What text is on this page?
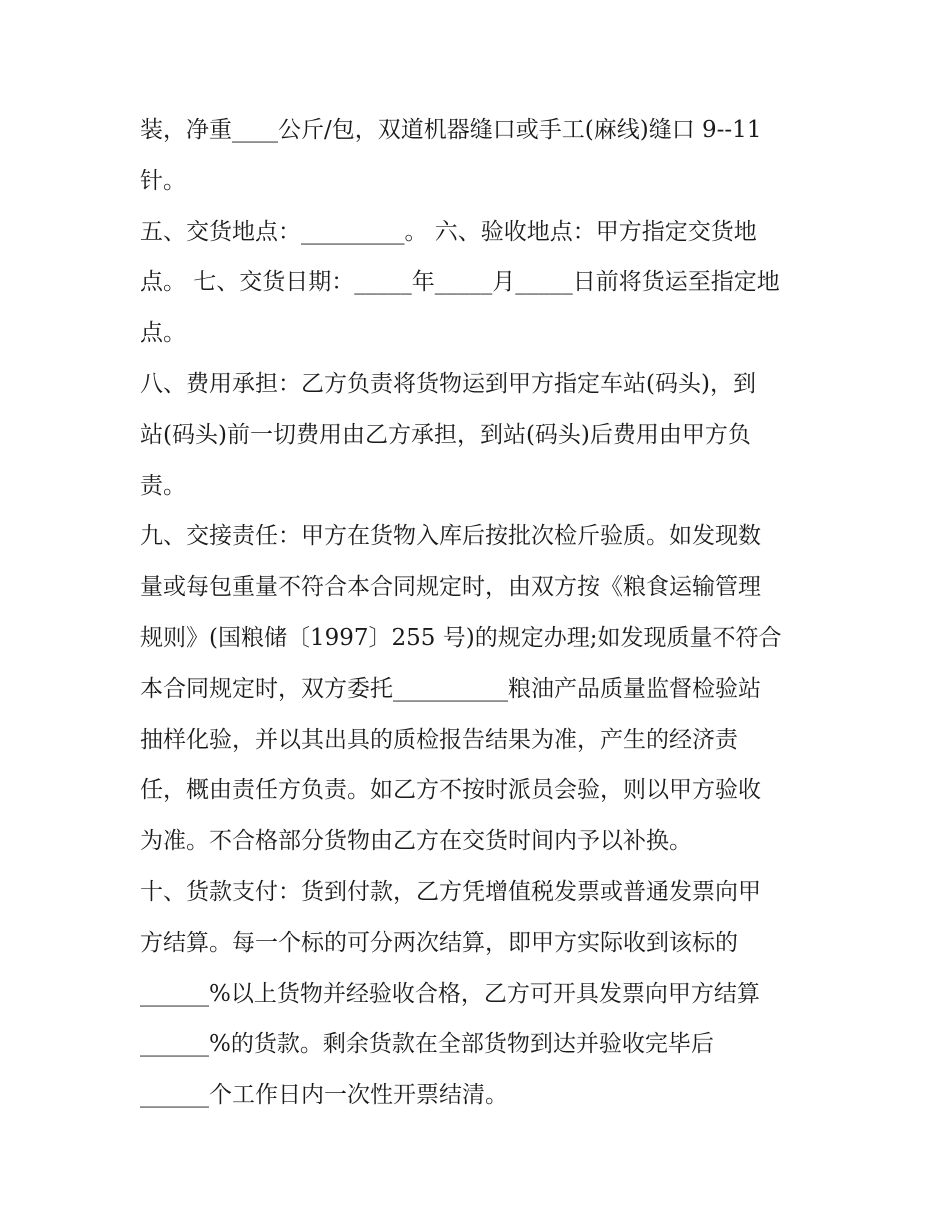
装，净重____公斤/包，双道机器缝口或手工(麻线)缝口 9--11
针。
五、交货地点：_________。 六、验收地点：甲方指定交货地
点。 七、交货日期：_____年_____月_____日前将货运至指定地
点。
八、费用承担：乙方负责将货物运到甲方指定车站(码头)，到
站(码头)前一切费用由乙方承担，到站(码头)后费用由甲方负
责。
九、交接责任：甲方在货物入库后按批次检斤验质。如发现数
量或每包重量不符合本合同规定时，由双方按《粮食运输管理
规则》(国粮储〔1997〕255 号)的规定办理;如发现质量不符合
本合同规定时，双方委托__________粮油产品质量监督检验站
抽样化验，并以其出具的质检报告结果为准，产生的经济责
任，概由责任方负责。如乙方不按时派员会验，则以甲方验收
为准。不合格部分货物由乙方在交货时间内予以补换。
十、货款支付：货到付款，乙方凭增值税发票或普通发票向甲
方结算。每一个标的可分两次结算，即甲方实际收到该标的
______%以上货物并经验收合格，乙方可开具发票向甲方结算
______%的货款。剩余货款在全部货物到达并验收完毕后
______个工作日内一次性开票结清。
